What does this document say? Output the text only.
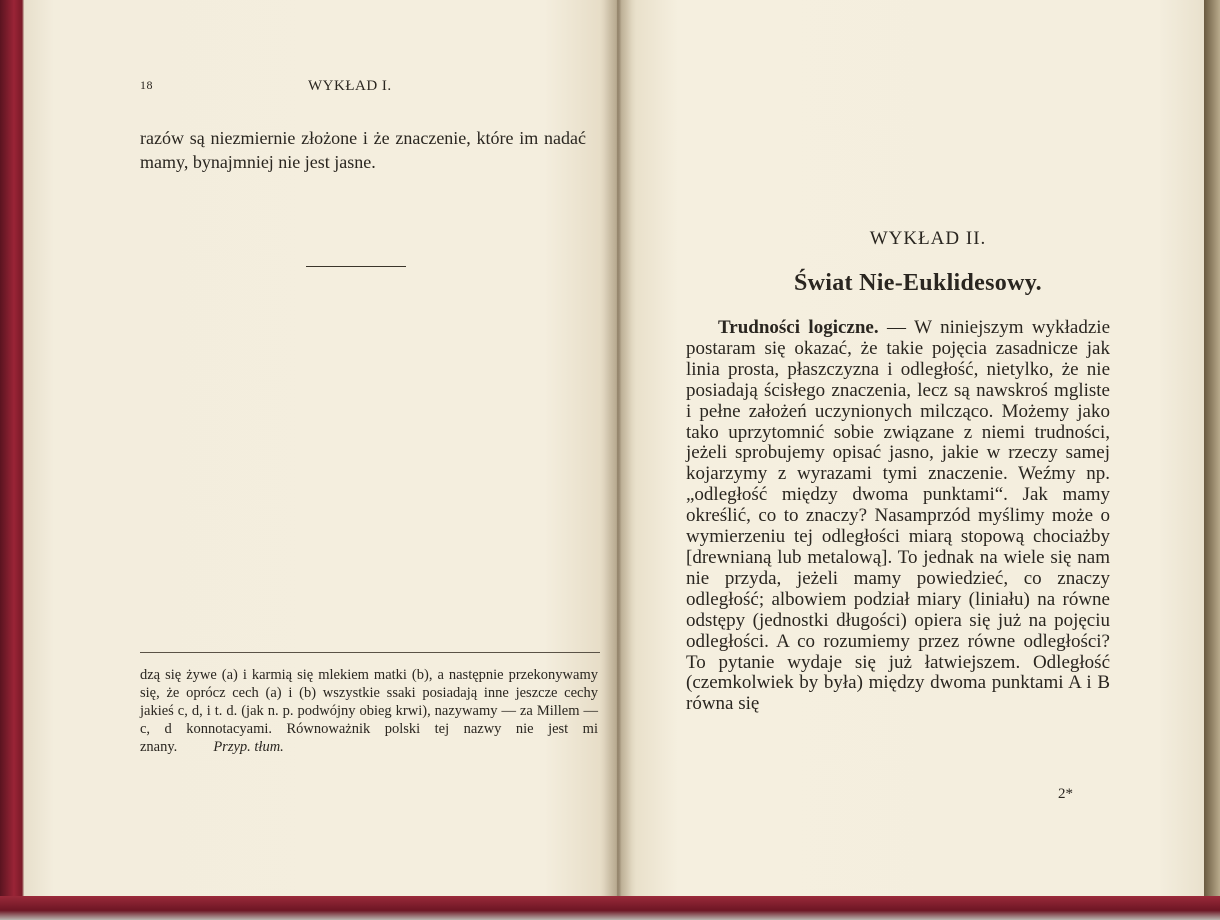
18	WYKŁAD I.

razów są niezmiernie złożone i że znaczenie, które im nadać mamy, bynajmniej nie jest jasne.

dzą się żywe (a) i karmią się mlekiem matki (b), a następnie przekonywamy się, że oprócz cech (a) i (b) wszystkie ssaki posiadają inne jeszcze cechy jakieś c, d, i t. d. (jak n. p. podwójny obieg krwi), nazywamy — za Millem — c, d konnotacyami. Równoważnik polski tej nazwy nie jest mi znany. Przyp. tłum.

WYKŁAD II.
Świat Nie-Euklidesowy.

Trudności logiczne. — W niniejszym wykładzie postaram się okazać, że takie pojęcia zasadnicze jak linia prosta, płaszczyzna i odległość, nietylko, że nie posiadają ścisłego znaczenia, lecz są nawskroś mgliste i pełne założeń uczynionych milcząco. Możemy jako tako uprzytomnić sobie związane z niemi trudności, jeżeli sprobujemy opisać jasno, jakie w rzeczy samej kojarzymy z wyrazami tymi znaczenie. Weźmy np. „odległość między dwoma punktami“. Jak mamy określić, co to znaczy? Nasamprzód myślimy może o wymierzeniu tej odległości miarą stopową chociażby [drewnianą lub metalową]. To jednak na wiele się nam nie przyda, jeżeli mamy powiedzieć, co znaczy odległość; albowiem podział miary (liniału) na równe odstępy (jednostki długości) opiera się już na pojęciu odległości. A co rozumiemy przez równe odległości? To pytanie wydaje się już łatwiejszem. Odległość (czemkolwiek by była) między dwoma punktami A i B równa się

2*
